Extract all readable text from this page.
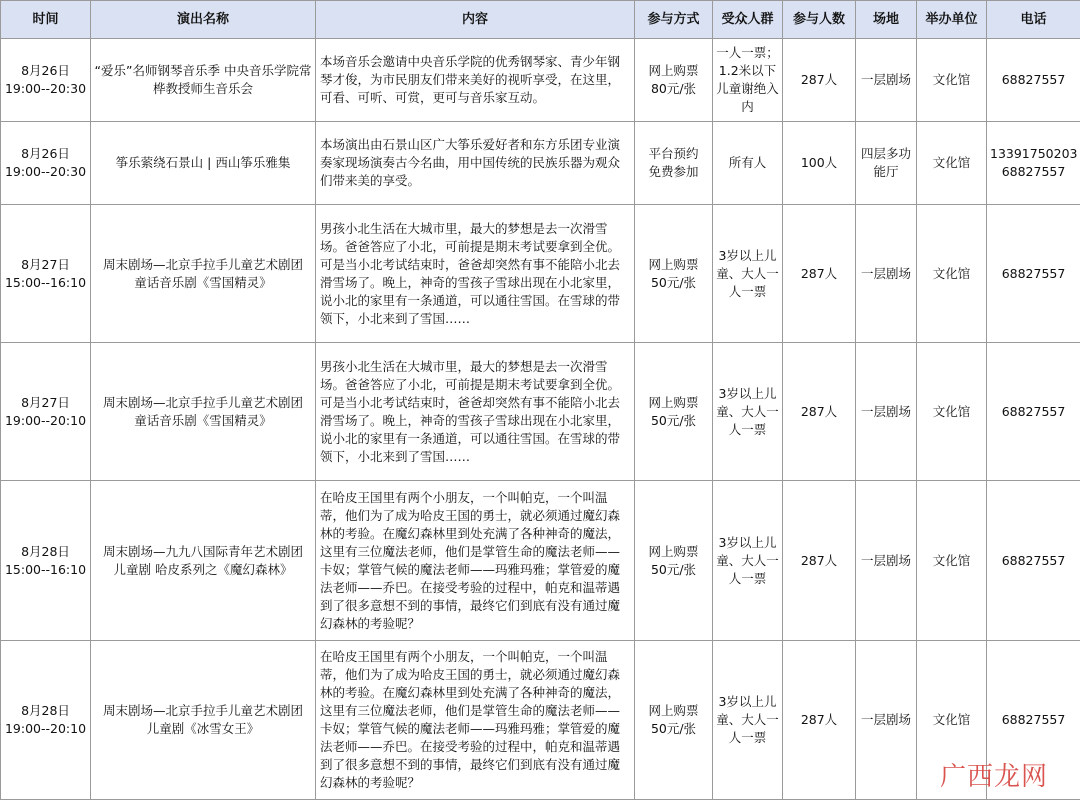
时间	演出名称	内容	参与方式	受众人群	参与人数	场地	举办单位	电话
8月26日
19:00--20:30	“爱乐”名师钢琴音乐季 中央音乐学院常桦教授师生音乐会	本场音乐会邀请中央音乐学院的优秀钢琴家、青少年钢琴才俊，为市民朋友们带来美好的视听享受，在这里，可看、可听、可赏，更可与音乐家互动。	网上购票
80元/张	一人一票；1.2米以下儿童谢绝入内	287人	一层剧场	文化馆	68827557
8月26日
19:00--20:30	筝乐萦绕石景山 | 西山筝乐雅集	本场演出由石景山区广大筝乐爱好者和东方乐团专业演奏家现场演奏古今名曲，用中国传统的民族乐器为观众们带来美的享受。	平台预约
免费参加	所有人	100人	四层多功能厅	文化馆	13391750203
68827557
8月27日
15:00--16:10	周末剧场—北京手拉手儿童艺术剧团
童话音乐剧《雪国精灵》	男孩小北生活在大城市里，最大的梦想是去一次滑雪场。爸爸答应了小北，可前提是期末考试要拿到全优。可是当小北考试结束时，爸爸却突然有事不能陪小北去滑雪场了。晚上，神奇的雪孩子雪球出现在小北家里，说小北的家里有一条通道，可以通往雪国。在雪球的带领下，小北来到了雪国……	网上购票
50元/张	3岁以上儿童、大人一人一票	287人	一层剧场	文化馆	68827557
8月27日
19:00--20:10	周末剧场—北京手拉手儿童艺术剧团
童话音乐剧《雪国精灵》	男孩小北生活在大城市里，最大的梦想是去一次滑雪场。爸爸答应了小北，可前提是期末考试要拿到全优。可是当小北考试结束时，爸爸却突然有事不能陪小北去滑雪场了。晚上，神奇的雪孩子雪球出现在小北家里，说小北的家里有一条通道，可以通往雪国。在雪球的带领下，小北来到了雪国……	网上购票
50元/张	3岁以上儿童、大人一人一票	287人	一层剧场	文化馆	68827557
8月28日
15:00--16:10	周末剧场—九九八国际青年艺术剧团
儿童剧 哈皮系列之《魔幻森林》	在哈皮王国里有两个小朋友，一个叫帕克，一个叫温蒂，他们为了成为哈皮王国的勇士，就必须通过魔幻森林的考验。在魔幻森林里到处充满了各种神奇的魔法，这里有三位魔法老师，他们是掌管生命的魔法老师——卡奴；掌管气候的魔法老师——玛雅玛雅；掌管爱的魔法老师——乔巴。在接受考验的过程中，帕克和温蒂遇到了很多意想不到的事情，最终它们到底有没有通过魔幻森林的考验呢？	网上购票
50元/张	3岁以上儿童、大人一人一票	287人	一层剧场	文化馆	68827557
8月28日
19:00--20:10	周末剧场—北京手拉手儿童艺术剧团
儿童剧《冰雪女王》	在哈皮王国里有两个小朋友，一个叫帕克，一个叫温蒂，他们为了成为哈皮王国的勇士，就必须通过魔幻森林的考验。在魔幻森林里到处充满了各种神奇的魔法，这里有三位魔法老师，他们是掌管生命的魔法老师——卡奴；掌管气候的魔法老师——玛雅玛雅；掌管爱的魔法老师——乔巴。在接受考验的过程中，帕克和温蒂遇到了很多意想不到的事情，最终它们到底有没有通过魔幻森林的考验呢？	网上购票
50元/张	3岁以上儿童、大人一人一票	287人	一层剧场	文化馆	68827557
广西龙网
